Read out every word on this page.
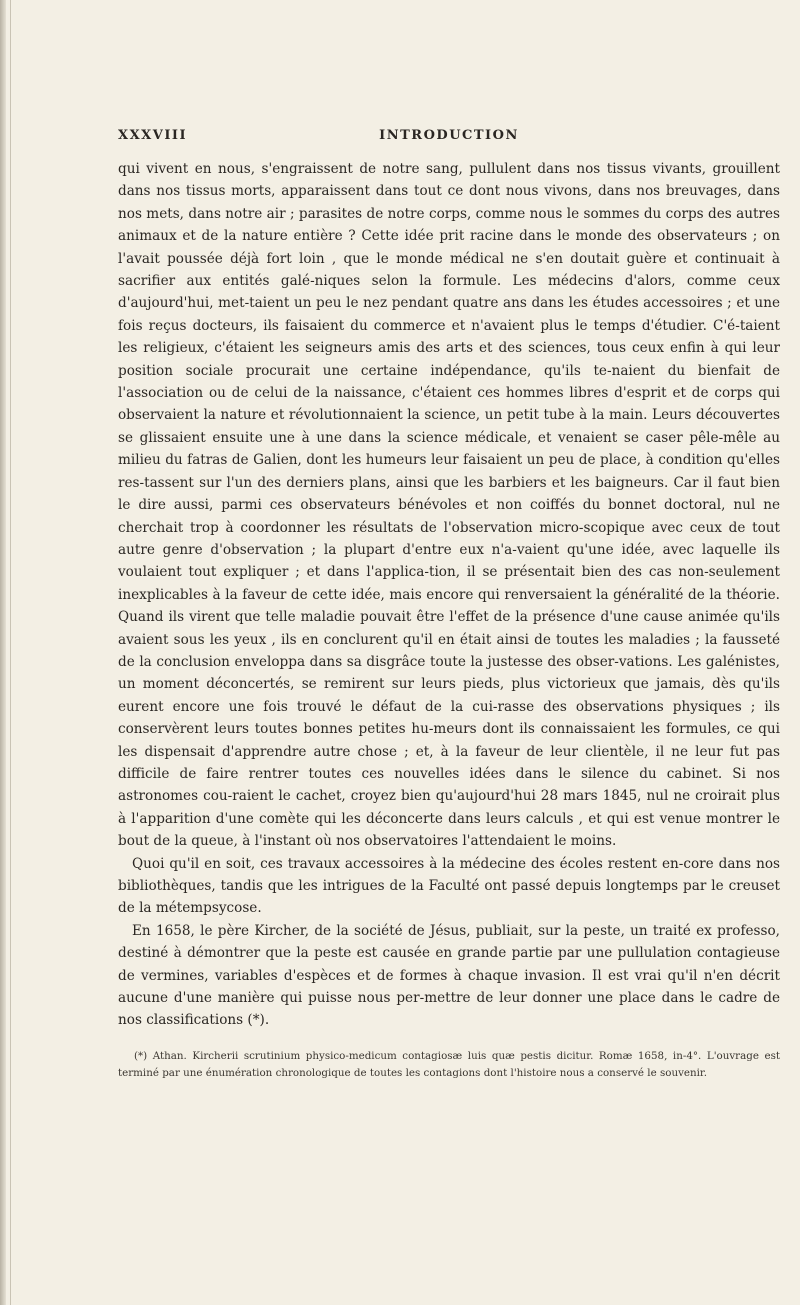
XXXVIII	INTRODUCTION

qui vivent en nous, s'engraissent de notre sang, pullulent dans nos tissus vivants, grouillent dans nos tissus morts, apparaissent dans tout ce dont nous vivons, dans nos breuvages, dans nos mets, dans notre air ; parasites de notre corps, comme nous le sommes du corps des autres animaux et de la nature entière ? Cette idée prit racine dans le monde des observateurs ; on l'avait poussée déjà fort loin , que le monde médical ne s'en doutait guère et continuait à sacrifier aux entités galé-niques selon la formule. Les médecins d'alors, comme ceux d'aujourd'hui, met-taient un peu le nez pendant quatre ans dans les études accessoires ; et une fois reçus docteurs, ils faisaient du commerce et n'avaient plus le temps d'étudier. C'é-taient les religieux, c'étaient les seigneurs amis des arts et des sciences, tous ceux enfin à qui leur position sociale procurait une certaine indépendance, qu'ils te-naient du bienfait de l'association ou de celui de la naissance, c'étaient ces hommes libres d'esprit et de corps qui observaient la nature et révolutionnaient la science, un petit tube à la main. Leurs découvertes se glissaient ensuite une à une dans la science médicale, et venaient se caser pêle-mêle au milieu du fatras de Galien, dont les humeurs leur faisaient un peu de place, à condition qu'elles res-tassent sur l'un des derniers plans, ainsi que les barbiers et les baigneurs. Car il faut bien le dire aussi, parmi ces observateurs bénévoles et non coiffés du bonnet doctoral, nul ne cherchait trop à coordonner les résultats de l'observation micro-scopique avec ceux de tout autre genre d'observation ; la plupart d'entre eux n'a-vaient qu'une idée, avec laquelle ils voulaient tout expliquer ; et dans l'applica-tion, il se présentait bien des cas non-seulement inexplicables à la faveur de cette idée, mais encore qui renversaient la généralité de la théorie. Quand ils virent que telle maladie pouvait être l'effet de la présence d'une cause animée qu'ils avaient sous les yeux , ils en conclurent qu'il en était ainsi de toutes les maladies ; la fausseté de la conclusion enveloppa dans sa disgrâce toute la justesse des obser-vations. Les galénistes, un moment déconcertés, se remirent sur leurs pieds, plus victorieux que jamais, dès qu'ils eurent encore une fois trouvé le défaut de la cui-rasse des observations physiques ; ils conservèrent leurs toutes bonnes petites hu-meurs dont ils connaissaient les formules, ce qui les dispensait d'apprendre autre chose ; et, à la faveur de leur clientèle, il ne leur fut pas difficile de faire rentrer toutes ces nouvelles idées dans le silence du cabinet. Si nos astronomes cou-raient le cachet, croyez bien qu'aujourd'hui 28 mars 1845, nul ne croirait plus à l'apparition d'une comète qui les déconcerte dans leurs calculs , et qui est venue montrer le bout de la queue, à l'instant où nos observatoires l'attendaient le moins.

Quoi qu'il en soit, ces travaux accessoires à la médecine des écoles restent en-core dans nos bibliothèques, tandis que les intrigues de la Faculté ont passé depuis longtemps par le creuset de la métempsycose.

En 1658, le père Kircher, de la société de Jésus, publiait, sur la peste, un traité ex professo, destiné à démontrer que la peste est causée en grande partie par une pullulation contagieuse de vermines, variables d'espèces et de formes à chaque invasion. Il est vrai qu'il n'en décrit aucune d'une manière qui puisse nous per-mettre de leur donner une place dans le cadre de nos classifications (*).

(*) Athan. Kircherii scrutinium physico-medicum contagiosæ luis quæ pestis dicitur. Romæ 1658, in-4°. L'ouvrage est terminé par une énumération chronologique de toutes les contagions dont l'histoire nous a conservé le souvenir.
